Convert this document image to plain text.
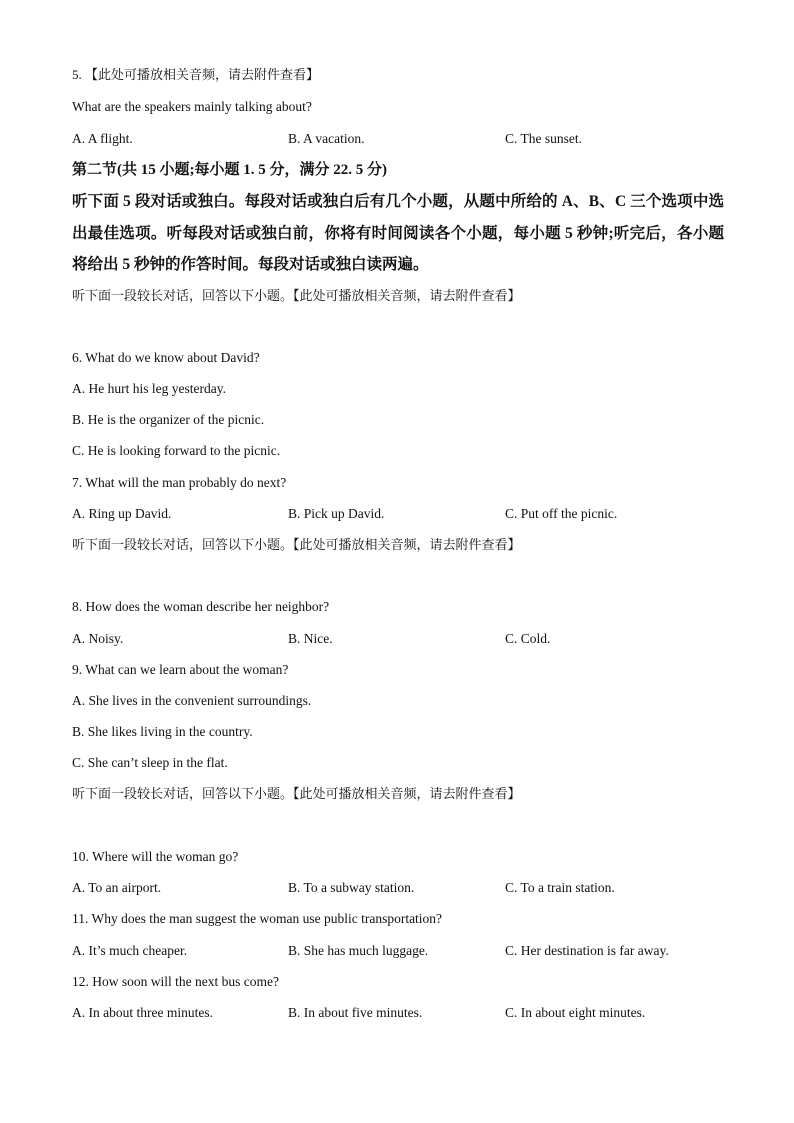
5. 【此处可播放相关音频，请去附件查看】
What are the speakers mainly talking about?
A. A flight.	B. A vacation.	C. The sunset.
第二节(共 15 小题;每小题 1. 5 分，满分 22. 5 分)
听下面 5 段对话或独白。每段对话或独白后有几个小题，从题中所给的 A、B、C 三个选项中选出最佳选项。听每段对话或独白前，你将有时间阅读各个小题，每小题 5 秒钟;听完后，各小题将给出 5 秒钟的作答时间。每段对话或独白读两遍。
听下面一段较长对话，回答以下小题。【此处可播放相关音频，请去附件查看】
6. What do we know about David?
A. He hurt his leg yesterday.
B. He is the organizer of the picnic.
C. He is looking forward to the picnic.
7. What will the man probably do next?
A. Ring up David.	B. Pick up David.	C. Put off the picnic.
听下面一段较长对话，回答以下小题。【此处可播放相关音频，请去附件查看】
8. How does the woman describe her neighbor?
A. Noisy.	B. Nice.	C. Cold.
9. What can we learn about the woman?
A. She lives in the convenient surroundings.
B. She likes living in the country.
C. She can’t sleep in the flat.
听下面一段较长对话，回答以下小题。【此处可播放相关音频，请去附件查看】
10. Where will the woman go?
A. To an airport.	B. To a subway station.	C. To a train station.
11. Why does the man suggest the woman use public transportation?
A. It’s much cheaper.	B. She has much luggage.	C. Her destination is far away.
12. How soon will the next bus come?
A. In about three minutes.	B. In about five minutes.	C. In about eight minutes.
